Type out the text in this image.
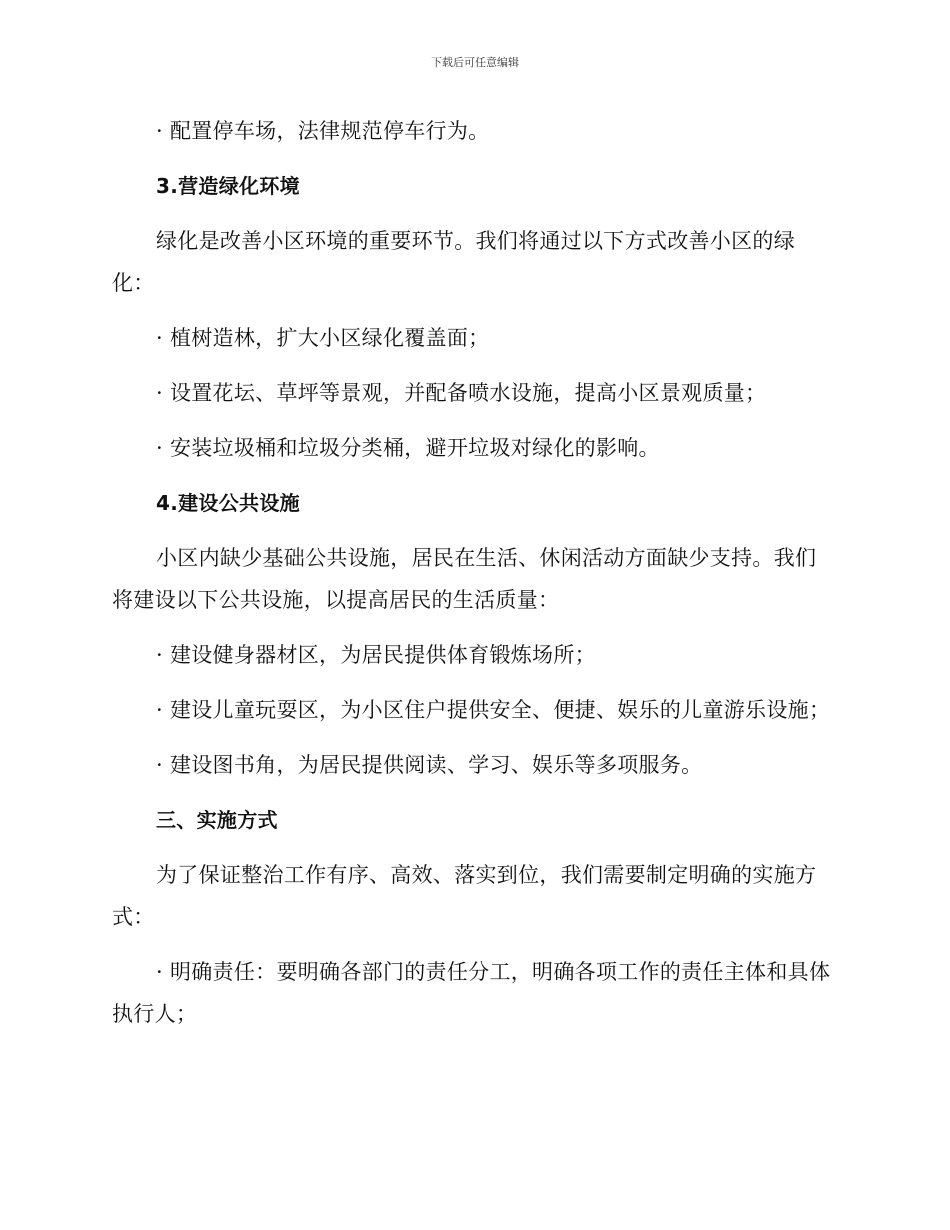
下载后可任意编辑

· 配置停车场，法律规范停车行为。

3.营造绿化环境

绿化是改善小区环境的重要环节。我们将通过以下方式改善小区的绿化：

· 植树造林，扩大小区绿化覆盖面；

· 设置花坛、草坪等景观，并配备喷水设施，提高小区景观质量；

· 安装垃圾桶和垃圾分类桶，避开垃圾对绿化的影响。

4.建设公共设施

小区内缺少基础公共设施，居民在生活、休闲活动方面缺少支持。我们将建设以下公共设施，以提高居民的生活质量：

· 建设健身器材区，为居民提供体育锻炼场所；

· 建设儿童玩耍区，为小区住户提供安全、便捷、娱乐的儿童游乐设施；

· 建设图书角，为居民提供阅读、学习、娱乐等多项服务。

三、实施方式

为了保证整治工作有序、高效、落实到位，我们需要制定明确的实施方式：

· 明确责任：要明确各部门的责任分工，明确各项工作的责任主体和具体执行人；
